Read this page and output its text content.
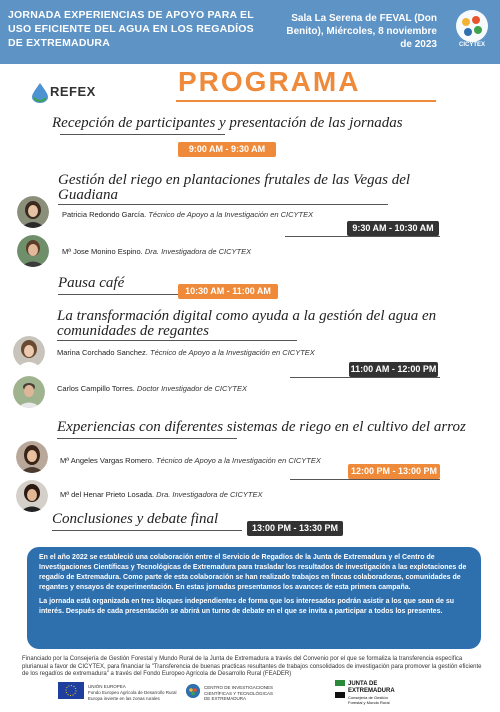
JORNADA EXPERIENCIAS DE APOYO PARA EL USO EFICIENTE DEL AGUA EN LOS REGADÍOS DE EXTREMADURA
Sala La Serena de FEVAL (Don Benito), Miércoles, 8 noviembre de 2023	CICYTEX
REFEX	PROGRAMA
Recepción de participantes y presentación de las jornadas
9:00 AM - 9:30 AM
Gestión del riego en plantaciones frutales de las Vegas del Guadiana
Patricia Redondo García. Técnico de Apoyo a la Investigación en CICYTEX
9:30 AM - 10:30 AM
Mª Jose Monino Espino. Dra. Investigadora de CICYTEX
Pausa café	10:30 AM - 11:00 AM
La transformación digital como ayuda a la gestión del agua en comunidades de regantes
Marina Corchado Sanchez. Técnico de Apoyo a la Investigación en CICYTEX
11:00 AM - 12:00 PM
Carlos Campillo Torres. Doctor Investigador de CICYTEX
Experiencias con diferentes sistemas de riego en el cultivo del arroz
Mª Angeles Vargas Romero. Técnico de Apoyo a la Investigación en CICYTEX
12:00 PM - 13:00 PM
Mª del Henar Prieto Losada. Dra. Investigadora de CICYTEX
Conclusiones y debate final
13:00 PM - 13:30 PM

En el año 2022 se estableció una colaboración entre el Servicio de Regadíos de la Junta de Extremadura y el Centro de Investigaciones Científicas y Tecnológicas de Extremadura para trasladar los resultados de investigación a las explotaciones de regadío de Extremadura. Como parte de esta colaboración se han realizado trabajos en fincas colaboradoras, comunidades de regantes y ensayos de experimentación. En estas jornadas presentamos los avances de esta primera campaña.

La jornada está organizada en tres bloques independientes de forma que los interesados podrán asistir a los que sean de su interés. Después de cada presentación se abrirá un turno de debate en el que se invita a participar a todos los presentes.

Financiado por la Consejería de Gestión Forestal y Mundo Rural de la Junta de Extremadura a través del Convenio por el que se formaliza la transferencia específica plurianual a favor de CICYTEX, para financiar la "Transferencia de buenas practicas resultantes de trabajos consolidados de investigación para promover la gestión eficiente de los regadíos de extremadura" a través del Fondo Europeo Agrícola de Desarrollo Rural (FEADER)
UNIÓN EUROPEA
Fondo Europeo Agrícola de Desarrollo Rural
Europa invierte en las zonas rurales
CENTRO DE INVESTIGACIONES
CIENTÍFICAS Y TECNOLÓGICAS
DE EXTREMADURA
JUNTA DE
EXTREMADURA
Consejería de Gestión
Forestal y Mundo Rural
